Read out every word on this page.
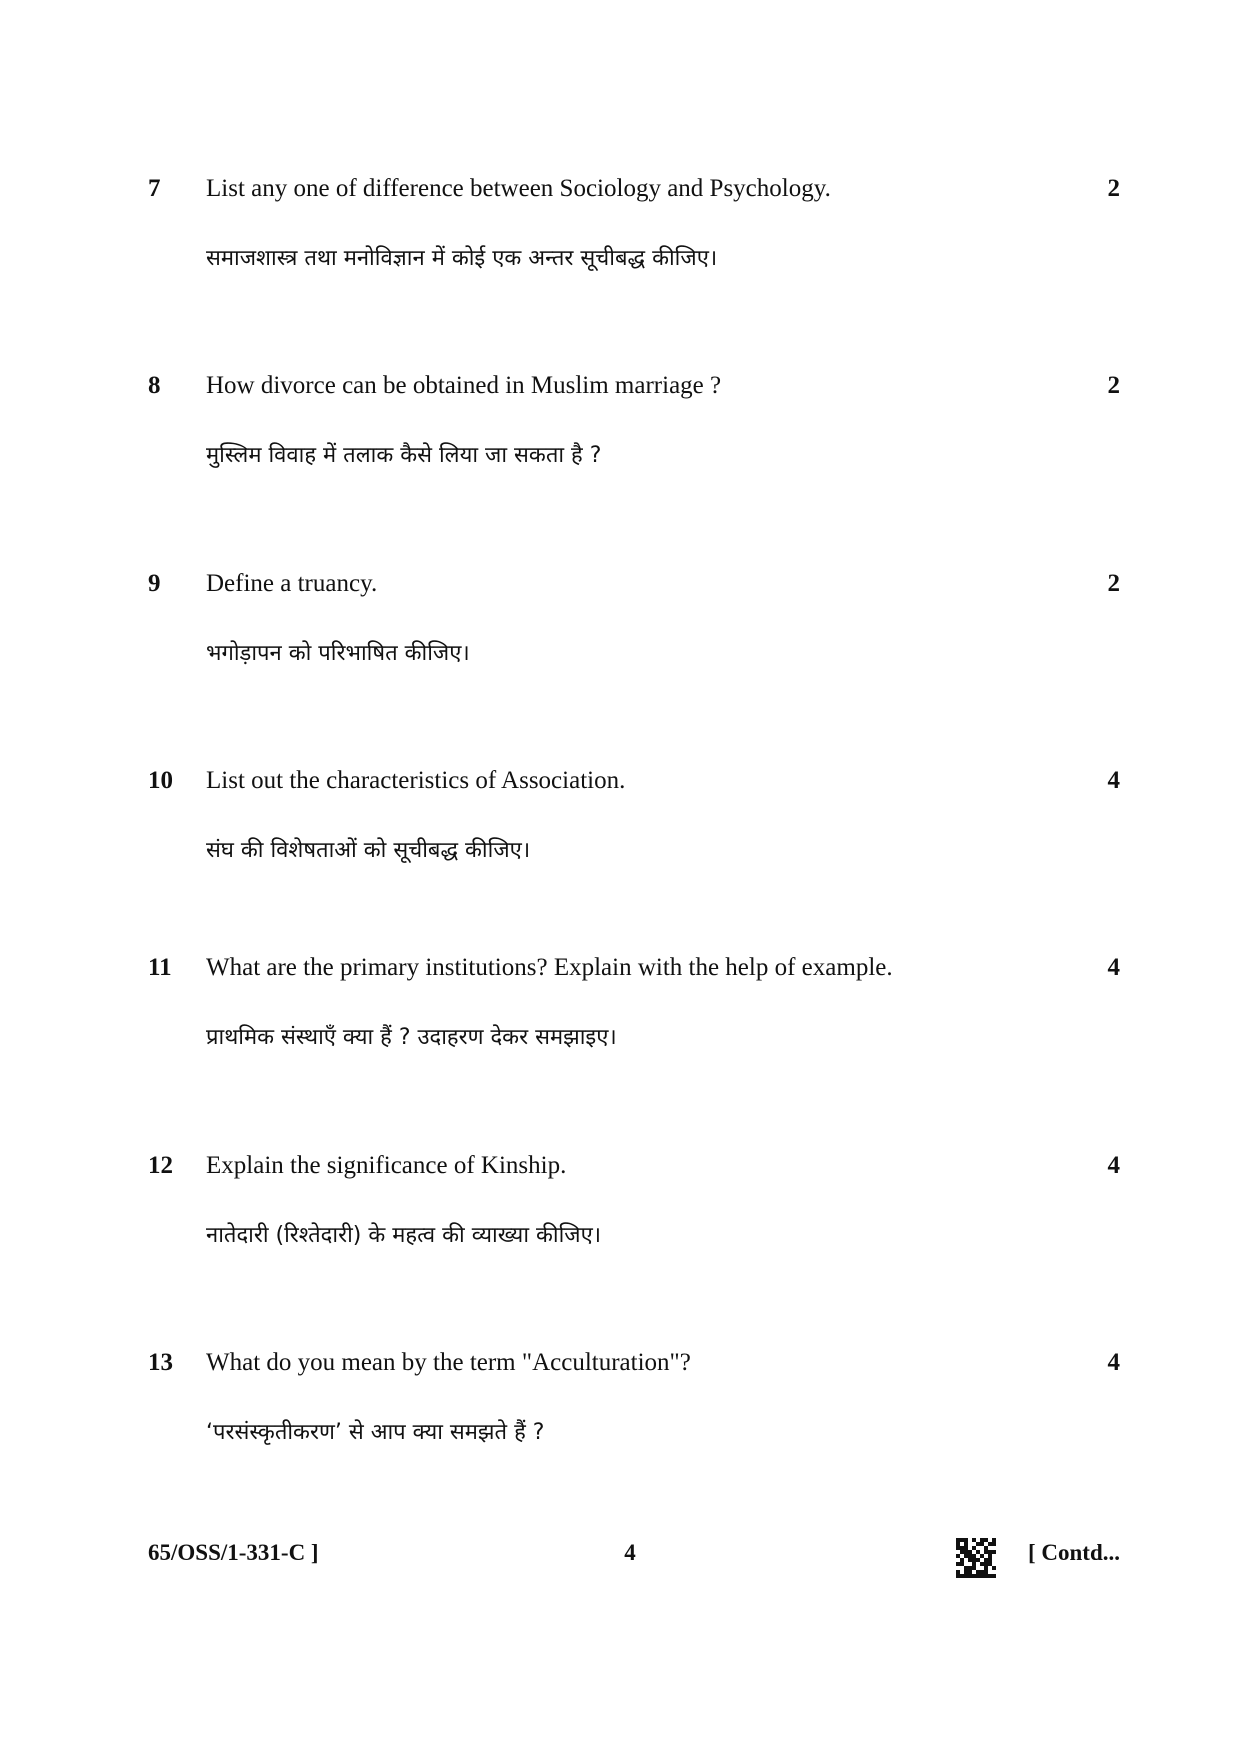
7 List any one of difference between Sociology and Psychology.	2
समाजशास्त्र तथा मनोविज्ञान में कोई एक अन्तर सूचीबद्ध कीजिए।
8 How divorce can be obtained in Muslim marriage ?	2
मुस्लिम विवाह में तलाक कैसे लिया जा सकता है ?
9 Define a truancy.	2
भगोड़ापन को परिभाषित कीजिए।
10 List out the characteristics of Association.	4
संघ की विशेषताओं को सूचीबद्ध कीजिए।
11 What are the primary institutions? Explain with the help of example.	4
प्राथमिक संस्थाएँ क्या हैं ? उदाहरण देकर समझाइए।
12 Explain the significance of Kinship.	4
नातेदारी (रिश्तेदारी) के महत्व की व्याख्या कीजिए।
13 What do you mean by the term "Acculturation"?	4
‘परसंस्कृतीकरण’ से आप क्या समझते हैं ?
65/OSS/1-331-C ]	4	[ Contd...
